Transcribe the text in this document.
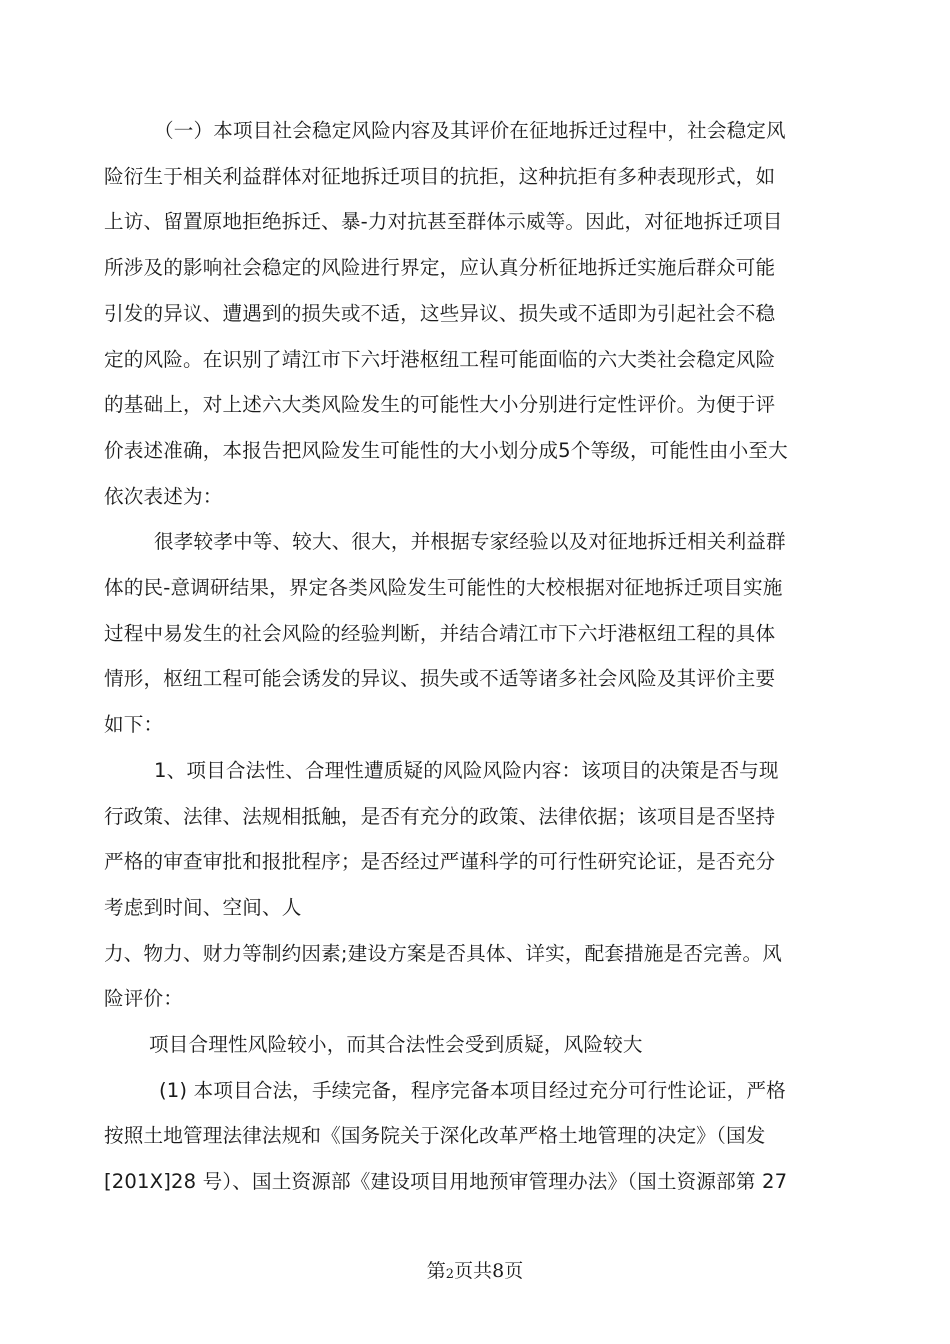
（一）本项目社会稳定风险内容及其评价在征地拆迁过程中，社会稳定风
险衍生于相关利益群体对征地拆迁项目的抗拒，这种抗拒有多种表现形式，如
上访、留置原地拒绝拆迁、暴-力对抗甚至群体示威等。因此，对征地拆迁项目
所涉及的影响社会稳定的风险进行界定，应认真分析征地拆迁实施后群众可能
引发的异议、遭遇到的损失或不适，这些异议、损失或不适即为引起社会不稳
定的风险。在识别了靖江市下六圩港枢纽工程可能面临的六大类社会稳定风险
的基础上，对上述六大类风险发生的可能性大小分别进行定性评价。为便于评
价表述准确，本报告把风险发生可能性的大小划分成5个等级，可能性由小至大
依次表述为：

很孝较孝中等、较大、很大，并根据专家经验以及对征地拆迁相关利益群
体的民-意调研结果，界定各类风险发生可能性的大校根据对征地拆迁项目实施
过程中易发生的社会风险的经验判断，并结合靖江市下六圩港枢纽工程的具体
情形，枢纽工程可能会诱发的异议、损失或不适等诸多社会风险及其评价主要
如下：

1、项目合法性、合理性遭质疑的风险风险内容：该项目的决策是否与现
行政策、法律、法规相抵触，是否有充分的政策、法律依据；该项目是否坚持
严格的审查审批和报批程序；是否经过严谨科学的可行性研究论证，是否充分
考虑到时间、空间、人

力、物力、财力等制约因素;建设方案是否具体、详实，配套措施是否完善。风
险评价：

项目合理性风险较小，而其合法性会受到质疑，风险较大

(1) 本项目合法，手续完备，程序完备本项目经过充分可行性论证，严格
按照土地管理法律法规和《国务院关于深化改革严格土地管理的决定》（国发
[201X]28 号）、国土资源部《建设项目用地预审管理办法》（国土资源部第 27

第2页共8页
